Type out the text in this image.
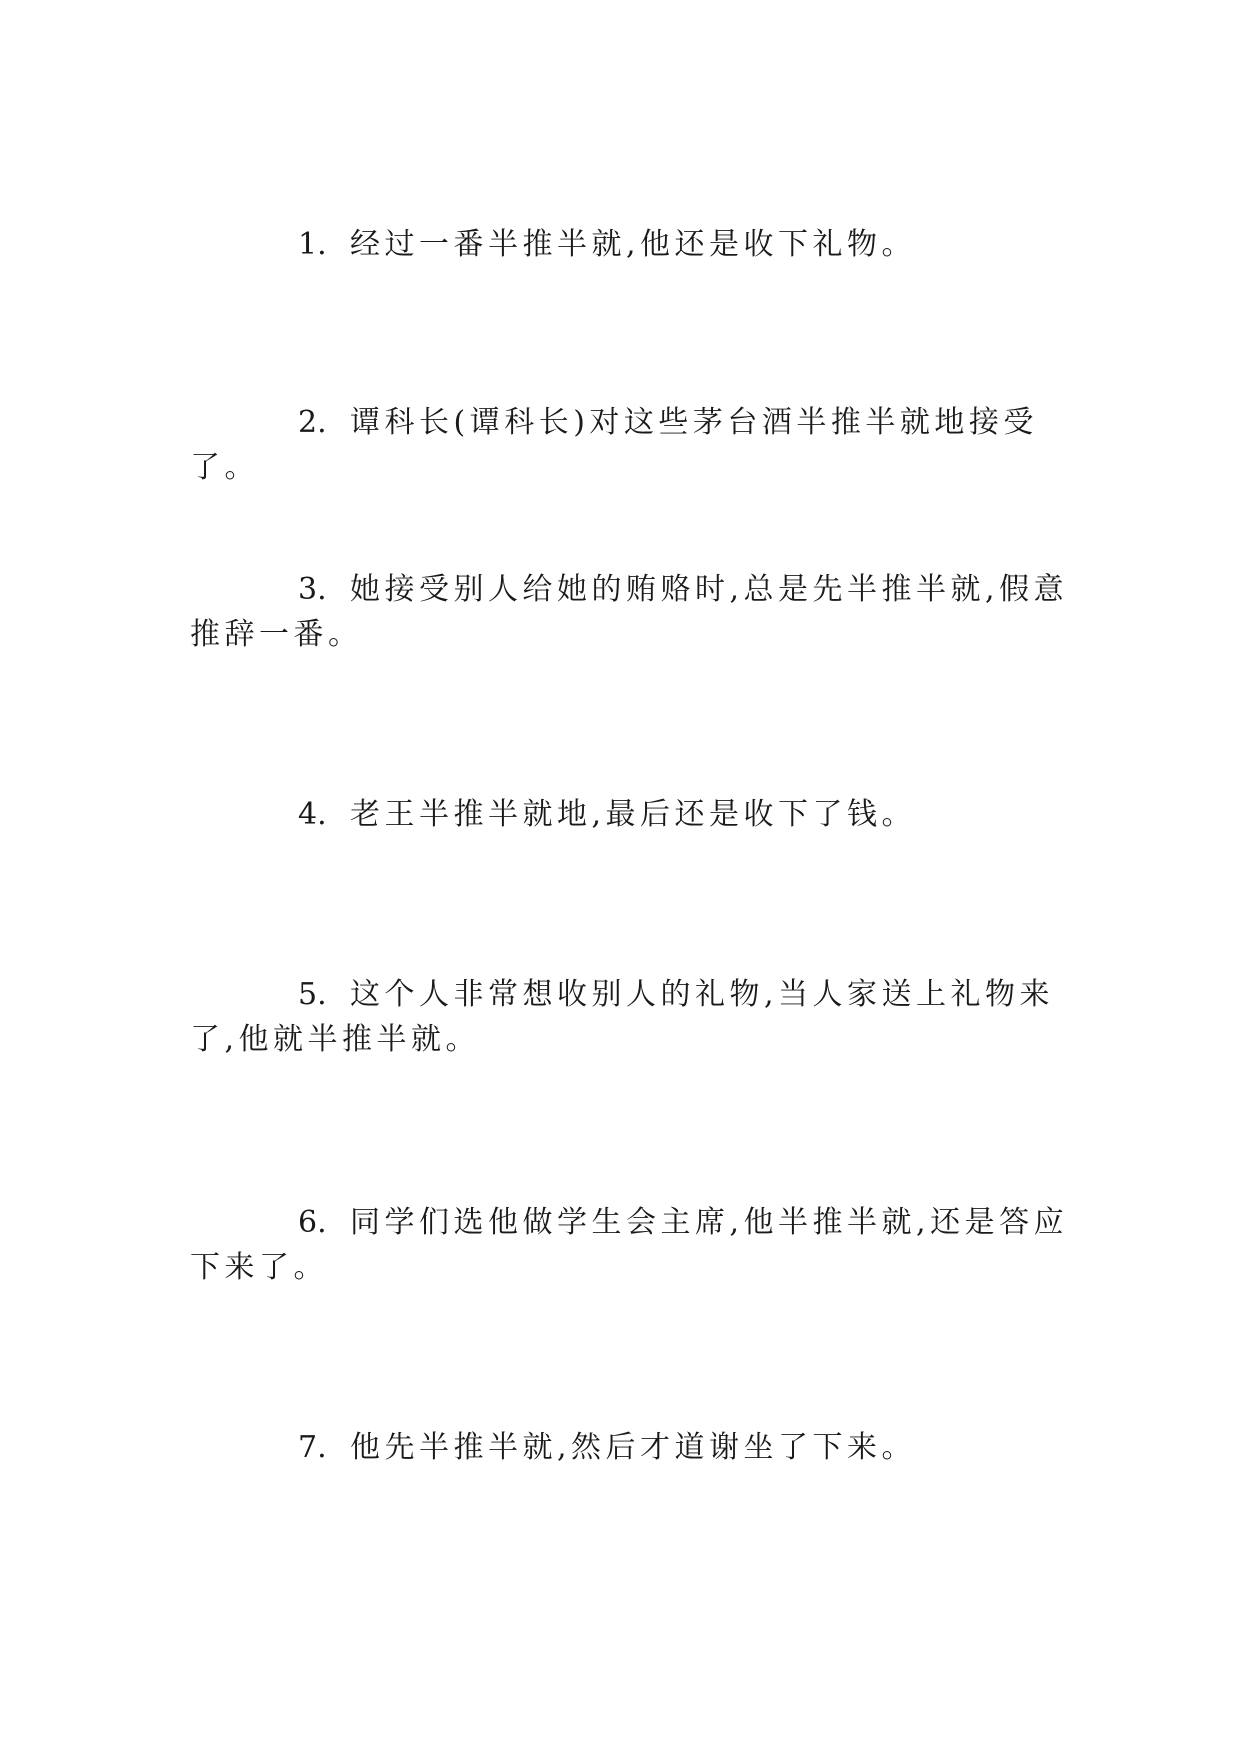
1. 经过一番半推半就,他还是收下礼物。

2. 谭科长(谭科长)对这些茅台酒半推半就地接受了。

3. 她接受别人给她的贿赂时,总是先半推半就,假意推辞一番。

4. 老王半推半就地,最后还是收下了钱。

5. 这个人非常想收别人的礼物,当人家送上礼物来了,他就半推半就。

6. 同学们选他做学生会主席,他半推半就,还是答应下来了。

7. 他先半推半就,然后才道谢坐了下来。
